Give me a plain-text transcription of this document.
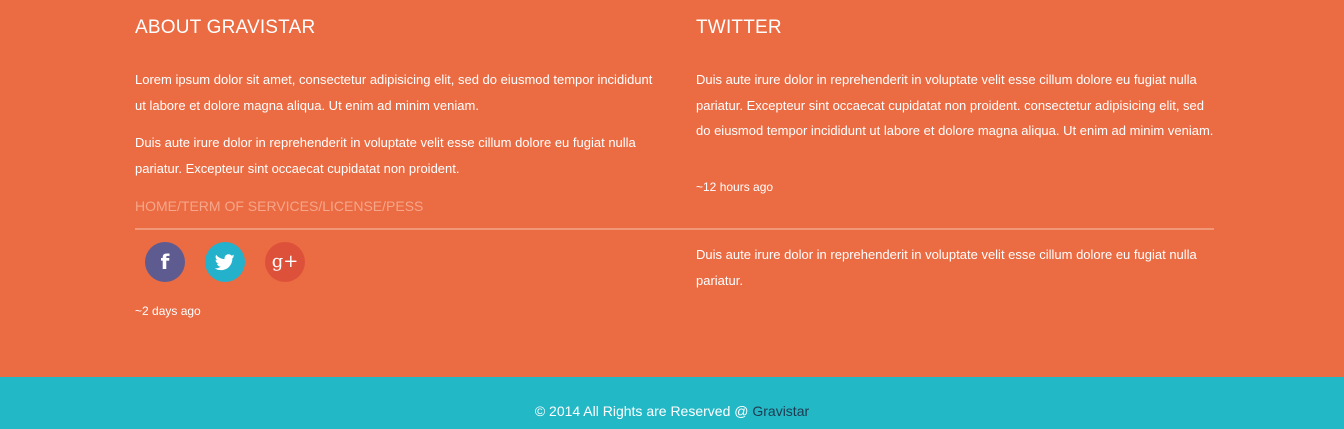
ABOUT GRAVISTAR

Lorem ipsum dolor sit amet, consectetur adipisicing elit, sed do eiusmod tempor incididunt ut labore et dolore magna aliqua. Ut enim ad minim veniam.

Duis aute irure dolor in reprehenderit in voluptate velit esse cillum dolore eu fugiat nulla pariatur. Excepteur sint occaecat cupidatat non proident.

HOME/TERM OF SERVICES/LICENSE/PESS
f	g+
~2 days ago
TWITTER

Duis aute irure dolor in reprehenderit in voluptate velit esse cillum dolore eu fugiat nulla pariatur. Excepteur sint occaecat cupidatat non proident. consectetur adipisicing elit, sed do eiusmod tempor incididunt ut labore et dolore magna aliqua. Ut enim ad minim veniam.

~12 hours ago

Duis aute irure dolor in reprehenderit in voluptate velit esse cillum dolore eu fugiat nulla pariatur.

© 2014 All Rights are Reserved @ Gravistar
